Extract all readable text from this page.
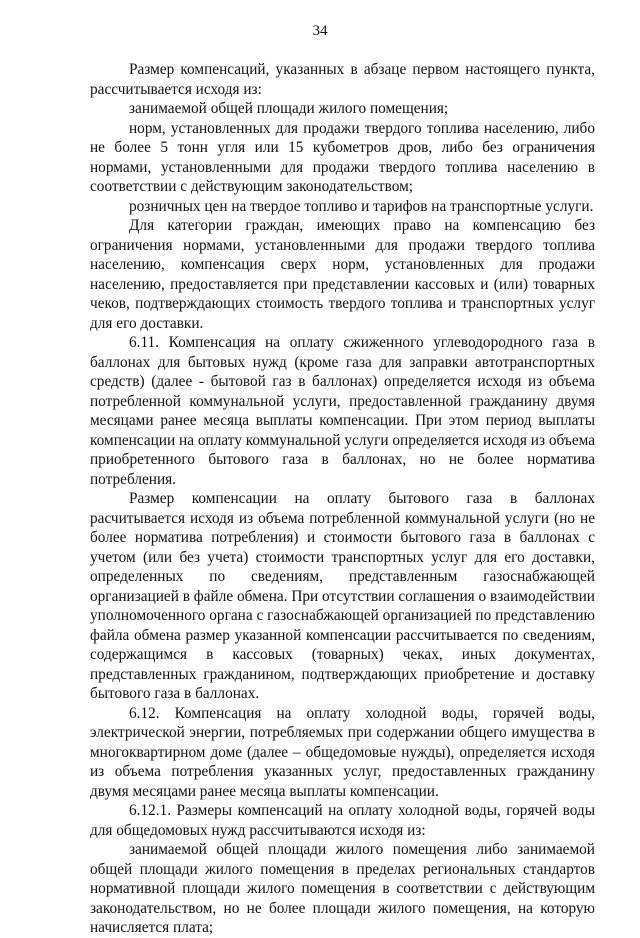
34

Размер компенсаций, указанных в абзаце первом настоящего пункта, рассчитывается исходя из:

занимаемой общей площади жилого помещения;

норм, установленных для продажи твердого топлива населению, либо не более 5 тонн угля или 15 кубометров дров, либо без ограничения нормами, установленными для продажи твердого топлива населению в соответствии с действующим законодательством;

розничных цен на твердое топливо и тарифов на транспортные услуги.

Для категории граждан, имеющих право на компенсацию без ограничения нормами, установленными для продажи твердого топлива населению, компенсация сверх норм, установленных для продажи населению, предоставляется при представлении кассовых и (или) товарных чеков, подтверждающих стоимость твердого топлива и транспортных услуг для его доставки.

6.11. Компенсация на оплату сжиженного углеводородного газа в баллонах для бытовых нужд (кроме газа для заправки автотранспортных средств) (далее - бытовой газ в баллонах) определяется исходя из объема потребленной коммунальной услуги, предоставленной гражданину двумя месяцами ранее месяца выплаты компенсации. При этом период выплаты компенсации на оплату коммунальной услуги определяется исходя из объема приобретенного бытового газа в баллонах, но не более норматива потребления.

Размер компенсации на оплату бытового газа в баллонах расчитывается исходя из объема потребленной коммунальной услуги (но не более норматива потребления) и стоимости бытового газа в баллонах с учетом (или без учета) стоимости транспортных услуг для его доставки, определенных по сведениям, представленным газоснабжающей организацией в файле обмена. При отсутствии соглашения о взаимодействии уполномоченного органа с газоснабжающей организацией по представлению файла обмена размер указанной компенсации рассчитывается по сведениям, содержащимся в кассовых (товарных) чеках, иных документах, представленных гражданином, подтверждающих приобретение и доставку бытового газа в баллонах.

6.12. Компенсация на оплату холодной воды, горячей воды, электрической энергии, потребляемых при содержании общего имущества в многоквартирном доме (далее – общедомовые нужды), определяется исходя из объема потребления указанных услуг, предоставленных гражданину двумя месяцами ранее месяца выплаты компенсации.

6.12.1. Размеры компенсаций на оплату холодной воды, горячей воды для общедомовых нужд рассчитываются исходя из:

занимаемой общей площади жилого помещения либо занимаемой общей площади жилого помещения в пределах региональных стандартов нормативной площади жилого помещения в соответствии с действующим законодательством, но не более площади жилого помещения, на которую начисляется плата;
